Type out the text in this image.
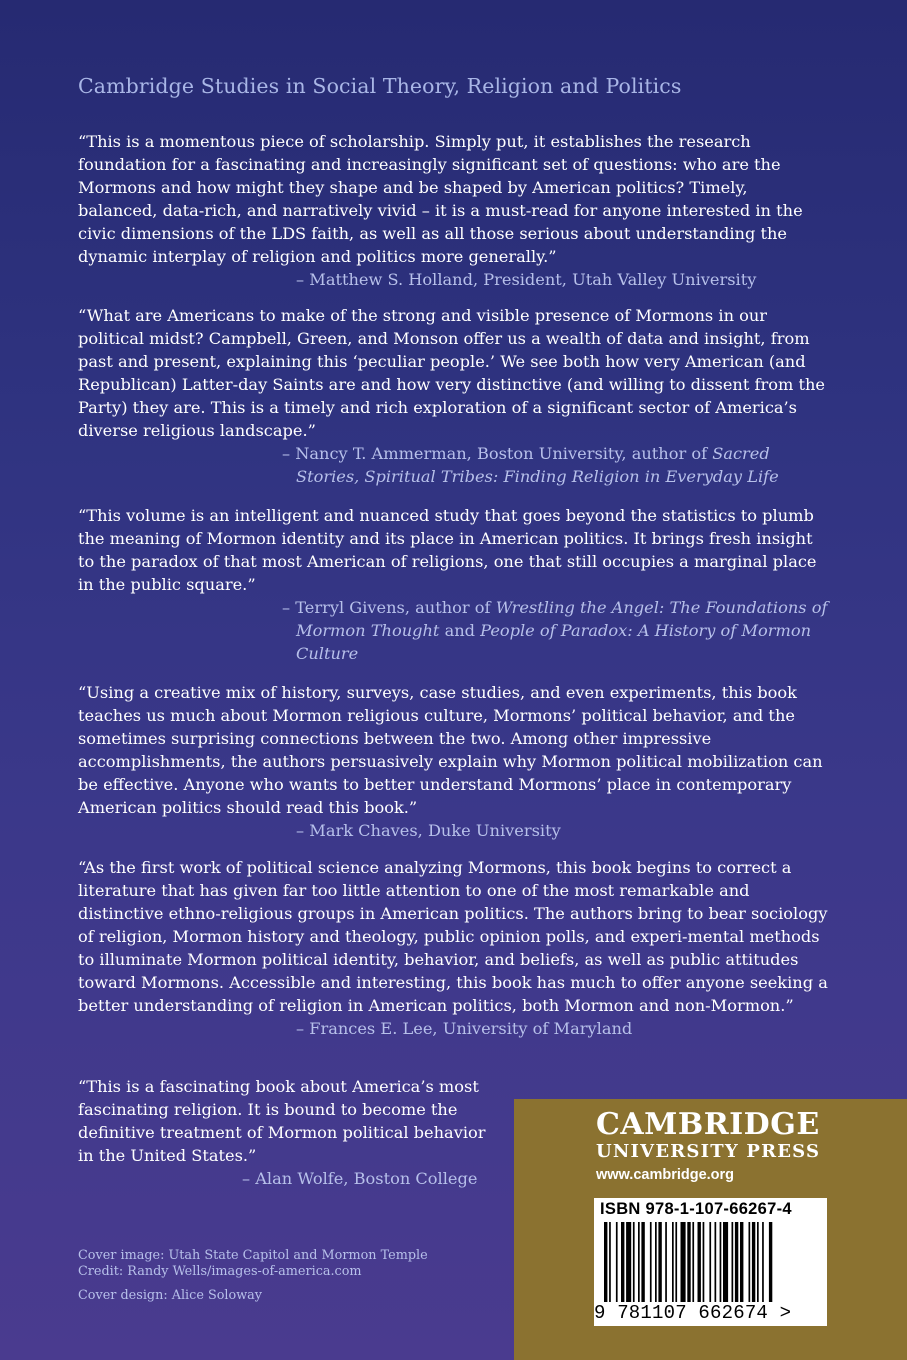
Cambridge Studies in Social Theory, Religion and Politics

“This is a momentous piece of scholarship. Simply put, it establishes the research foundation for a fascinating and increasingly significant set of questions: who are the Mormons and how might they shape and be shaped by American politics? Timely, balanced, data-rich, and narratively vivid – it is a must-read for anyone interested in the civic dimensions of the LDS faith, as well as all those serious about understanding the dynamic interplay of religion and politics more generally.”

– Matthew S. Holland, President, Utah Valley University

“What are Americans to make of the strong and visible presence of Mormons in our political midst? Campbell, Green, and Monson offer us a wealth of data and insight, from past and present, explaining this ‘peculiar people.’ We see both how very American (and Republican) Latter-day Saints are and how very distinctive (and willing to dissent from the Party) they are. This is a timely and rich exploration of a significant sector of America’s diverse religious landscape.”

– Nancy T. Ammerman, Boston University, author of Sacred Stories, Spiritual Tribes: Finding Religion in Everyday Life

“This volume is an intelligent and nuanced study that goes beyond the statistics to plumb the meaning of Mormon identity and its place in American politics. It brings fresh insight to the paradox of that most American of religions, one that still occupies a marginal place in the public square.”

– Terryl Givens, author of Wrestling the Angel: The Foundations of Mormon Thought and People of Paradox: A History of Mormon Culture

“Using a creative mix of history, surveys, case studies, and even experiments, this book teaches us much about Mormon religious culture, Mormons’ political behavior, and the sometimes surprising connections between the two. Among other impressive accomplishments, the authors persuasively explain why Mormon political mobilization can be effective. Anyone who wants to better understand Mormons’ place in contemporary American politics should read this book.”

– Mark Chaves, Duke University

“As the first work of political science analyzing Mormons, this book begins to correct a literature that has given far too little attention to one of the most remarkable and distinctive ethno-religious groups in American politics. The authors bring to bear sociology of religion, Mormon history and theology, public opinion polls, and experi-mental methods to illuminate Mormon political identity, behavior, and beliefs, as well as public attitudes toward Mormons. Accessible and interesting, this book has much to offer anyone seeking a better understanding of religion in American politics, both Mormon and non-Mormon.”

– Frances E. Lee, University of Maryland

“This is a fascinating book about America’s most fascinating religion. It is bound to become the definitive treatment of Mormon political behavior in the United States.”

– Alan Wolfe, Boston College

Cover image: Utah State Capitol and Mormon Temple
Credit: Randy Wells/images-of-america.com
Cover design: Alice Soloway
CAMBRIDGE
UNIVERSITY PRESS
www.cambridge.org
ISBN 978-1-107-66267-4
9 781107 662674 >
